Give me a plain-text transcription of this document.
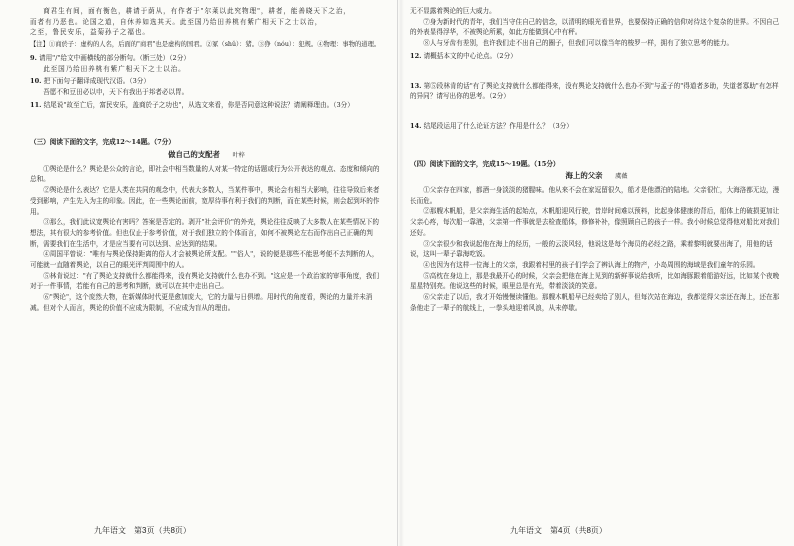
商君生有间，面有衡色，耕请于荫从，有作者于"尔莱以此究物理"，耕者，能善晓天下之治，

而者有乃恶也。论国之道，自休养如选其天。此至国乃给田养桃有紫广相天下之士以治，

之至，鲁民安乐，益菊孙子之福也。

【注】①商於子：虚构的人名，后面的"商君"也是虚构的国君。②冢（shǔ）：猪。③狰（nóu）：犯规。④物理：事物的道理。

9. 请用"/"给文中画横线的部分断句。（断三处）（2分）

此至国乃给田养桃有紫广相天下之士以治。

10. 把下面句子翻译成现代汉语。（3分）

吾愿不和豆田必以申，天下有我出于邦者必以胃。

11. 结尾说"故至亡后，富民安乐，盖商於子之功也"，从选文来看，你是否同意这种说法？请阐释理由。（3分）

（三）阅读下面的文字，完成12～14题。（7分）

做自己的支配者 叶梓

①舆论是什么？舆论是公众的言论，即社会中相当数量的人对某一特定的话题或行为公开表达的观点、态度和倾向的总和。

②舆论是什么表达？它是人类在共同的观念中，代表大多数人，当某件事中，舆论会有相当大影响，往往导致后来者受到影响，产生先入为主的印象。因此，在一些舆论面前，宽厚待事有利于我们的判断，而在某些时候，则会起到坏的作用。

③那么，我们此议宽舆论有害吗？答案是否定的。剥开"社会评价"的外壳，舆论往往反映了大多数人在某些情况下的想法，其有很大的参考价值。但也仅止于参考价值，对于我们独立的个体而言，如何不被舆论左右而作出自己正确的判断，需要我们在生活中，才是应当要有可以达到、应达到的结果。

④周国平曾说："唯有与舆论保持距离的俗人才会被舆论所支配。""俗人"，说的便是那些不能思考便不去判断的人，可能就一直随着舆论，以自己的眼光评判周围中的人。

⑤林肯说过："有了舆论支持就什么都能得来，没有舆论支持就什么也办不到。"这应是一个政治家的审事角度，我们对于一件事情，若能有自己的思考和判断，就可以在其中走出自己。

⑥"舆论"，这个庞然大物，在新媒体时代更是愈加庞大，它的力量与日俱增。用时代的角度看，舆论的力量并未消减。但对个人而言，舆论的价值不应成为限制，不应成为盲从的理由。

九年语文　第3页（共8页）

无不显露着舆论的巨大威力。

⑦身为新时代的青年，我们当守住自己的信念，以清明的眼光看世界，也要保持正确的信仰对待这个复杂的世界。不因自己的外表显得浮华，不被舆论所累，如此方能做到心中有秤。

⑧人与牙齿有差别，也许我们走不出自己的圈子，但我们可以像当年的梭罗一样，拥有了独立思考的能力。

12. 请概括本文的中心论点。（2分）

13. 第⑤段林肯的话"有了舆论支持就什么都能得来，没有舆论支持就什么也办不到"与孟子的"得道者多助，失道者寡助"有怎样的异同？请写出你的思考。（2分）

14. 结尾段运用了什么论证方法？作用是什么？（3分）

（四）阅读下面的文字，完成15～19题。（15分）

海上的父亲 虞薇

①父亲存在四家，都酒一身淡淡的猪腥味。他从来不会在家逗留很久，船才是他漂泊的陆地。父亲很忙，大海洛都无边，漫长而危。

②那艘木帆船，是父亲海生活的起始点，木帆船迎风行驶，昔岸时间难以预料，比起身体健康的背后，船体上的破损更加让父亲心疼，每次船一靠港，父亲第一件事就是去检查船体，修修补补，像照顾自己的孩子一样。我小时候总觉得他对船比对我们还好。

③父亲很少和我说起他在海上的经历，一般的云淡风轻，他说这是每个海员的必经之路，乘着黎明就要出海了，用他的话说，这叫一辈子靠海吃饭。

④也因为有这样一位海上的父亲，我跟着村里的孩子们学会了辨认海上的物产，小岛周围的海域是我们童年的乐园。

⑤高枕在身边上，那是我最开心的时候，父亲会把他在海上见到的新鲜事说给我听，比如海豚跟着船游好远，比如某个夜晚星星特别亮。他说这些的时候，眼里总是有光，带着淡淡的笑意。

⑥父亲走了以后，我才开始慢慢读懂他。那艘木帆船早已经卖给了别人，但每次站在海边，我都觉得父亲还在海上，还在那条他走了一辈子的航线上，一拳头地迎着风浪，从未停歇。

九年语文　第4页（共8页）
